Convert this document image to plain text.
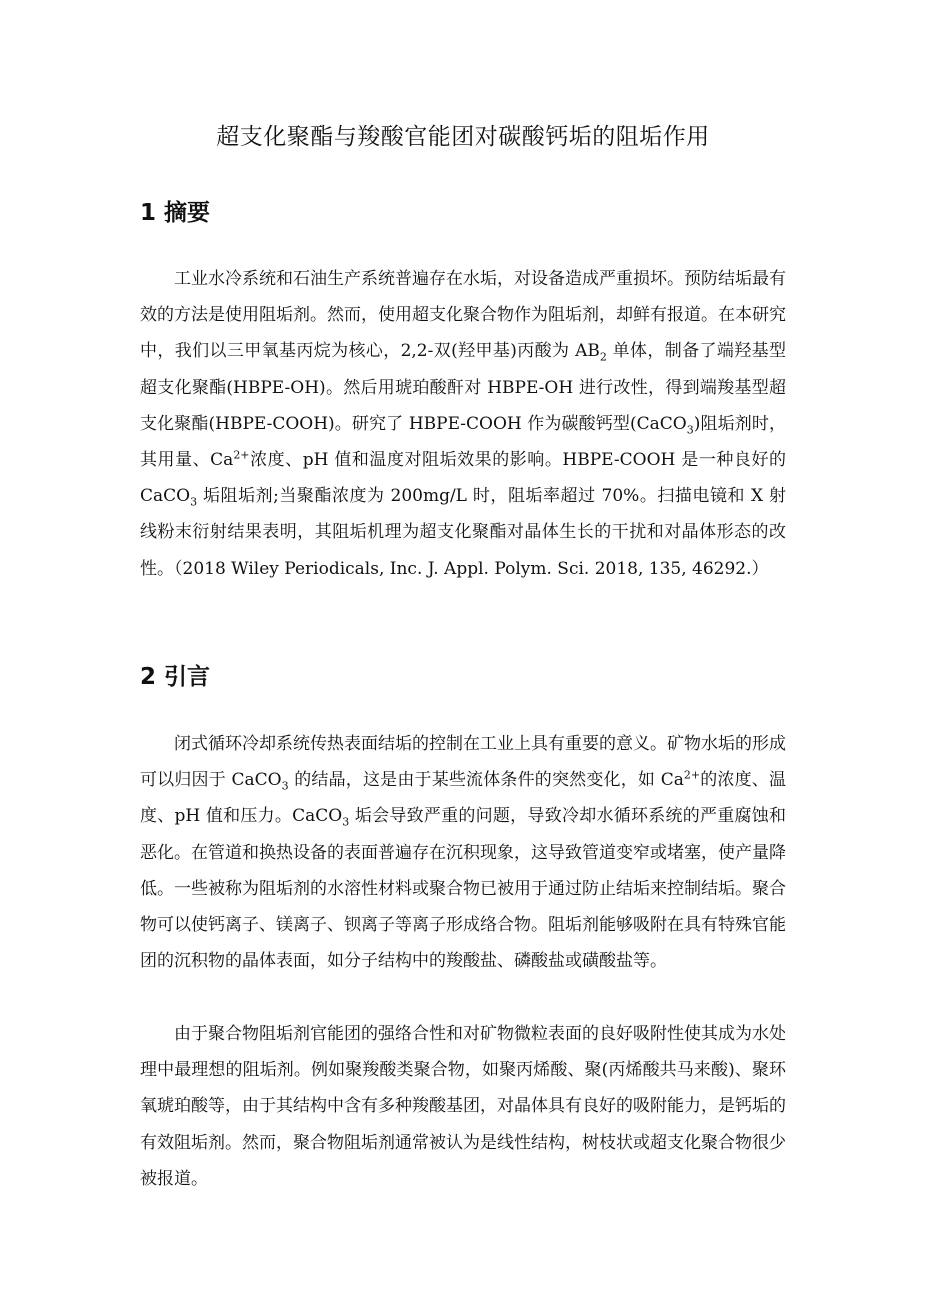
超支化聚酯与羧酸官能团对碳酸钙垢的阻垢作用
1 摘要

工业水冷系统和石油生产系统普遍存在水垢，对设备造成严重损坏。预防结垢最有效的方法是使用阻垢剂。然而，使用超支化聚合物作为阻垢剂，却鲜有报道。在本研究中，我们以三甲氧基丙烷为核心，2,2-双(羟甲基)丙酸为 $AB_2$ 单体，制备了端羟基型超支化聚酯(HBPE-OH)。然后用琥珀酸酐对 HBPE-OH 进行改性，得到端羧基型超支化聚酯(HBPE-COOH)。研究了 HBPE-COOH 作为碳酸钙型(CaCO$_3$)阻垢剂时，其用量、$Ca^{2+}$浓度、pH 值和温度对阻垢效果的影响。HBPE-COOH 是一种良好的 CaCO$_3$ 垢阻垢剂;当聚酯浓度为 200mg/L 时，阻垢率超过 70%。扫描电镜和 X 射线粉末衍射结果表明，其阻垢机理为超支化聚酯对晶体生长的干扰和对晶体形态的改性。（2018 Wiley Periodicals, Inc. J. Appl. Polym. Sci. 2018, 135, 46292.）

2 引言

闭式循环冷却系统传热表面结垢的控制在工业上具有重要的意义。矿物水垢的形成可以归因于 CaCO$_3$ 的结晶，这是由于某些流体条件的突然变化，如 $Ca^{2+}$的浓度、温度、pH 值和压力。CaCO$_3$ 垢会导致严重的问题，导致冷却水循环系统的严重腐蚀和恶化。在管道和换热设备的表面普遍存在沉积现象，这导致管道变窄或堵塞，使产量降低。一些被称为阻垢剂的水溶性材料或聚合物已被用于通过防止结垢来控制结垢。聚合物可以使钙离子、镁离子、钡离子等离子形成络合物。阻垢剂能够吸附在具有特殊官能团的沉积物的晶体表面，如分子结构中的羧酸盐、磷酸盐或磺酸盐等。

由于聚合物阻垢剂官能团的强络合性和对矿物微粒表面的良好吸附性使其成为水处理中最理想的阻垢剂。例如聚羧酸类聚合物，如聚丙烯酸、聚(丙烯酸共马来酸)、聚环氧琥珀酸等，由于其结构中含有多种羧酸基团，对晶体具有良好的吸附能力，是钙垢的有效阻垢剂。然而，聚合物阻垢剂通常被认为是线性结构，树枝状或超支化聚合物很少被报道。
